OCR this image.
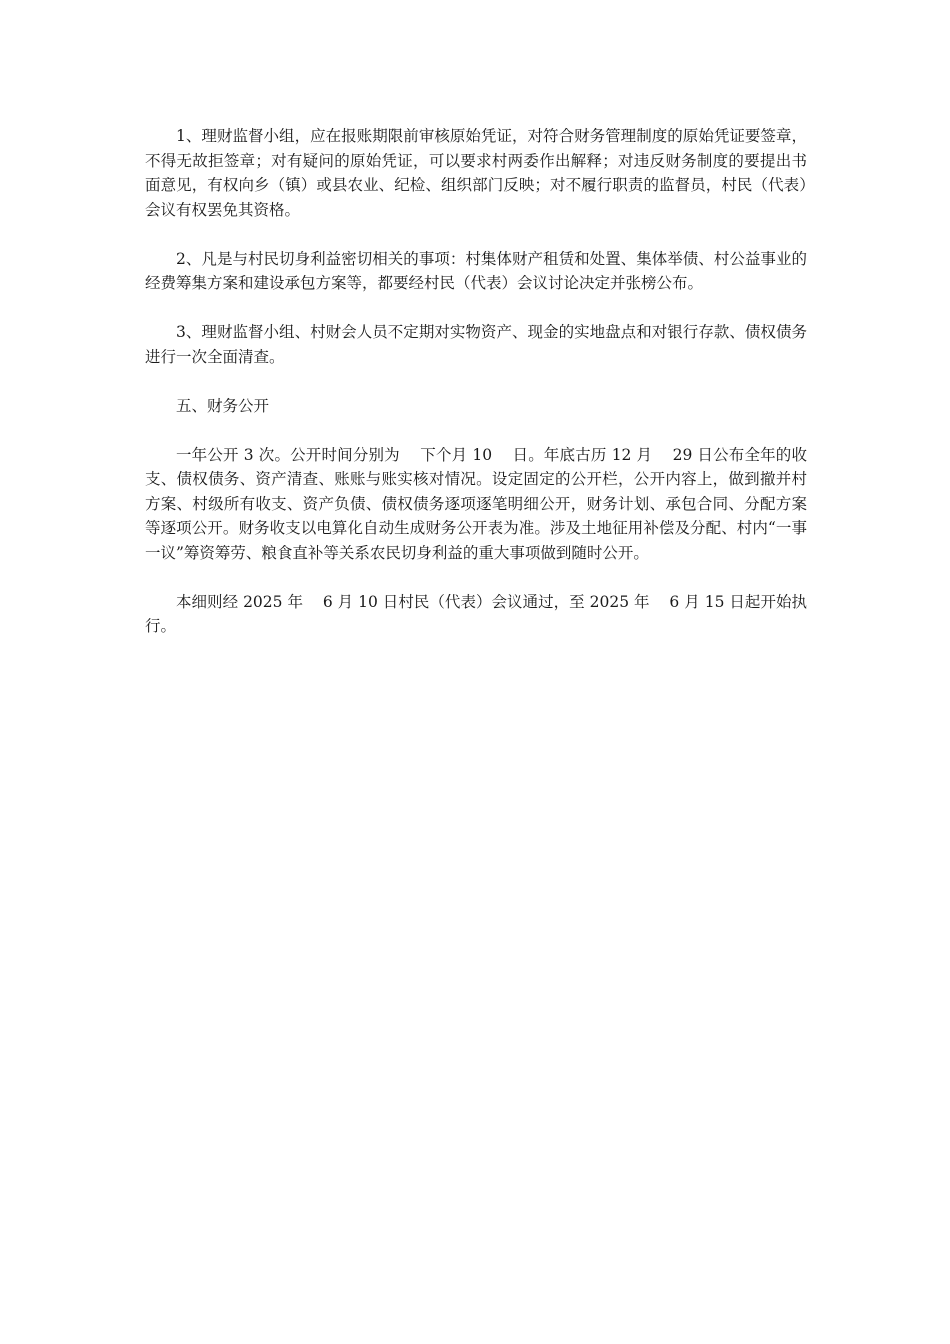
1、理财监督小组，应在报账期限前审核原始凭证，对符合财务管理制度的原始凭证要签章，不得无故拒签章；对有疑问的原始凭证，可以要求村两委作出解释；对违反财务制度的要提出书面意见，有权向乡（镇）或县农业、纪检、组织部门反映；对不履行职责的监督员，村民（代表）会议有权罢免其资格。

2、凡是与村民切身利益密切相关的事项：村集体财产租赁和处置、集体举债、村公益事业的经费筹集方案和建设承包方案等，都要经村民（代表）会议讨论决定并张榜公布。

3、理财监督小组、村财会人员不定期对实物资产、现金的实地盘点和对银行存款、债权债务进行一次全面清查。

五、财务公开

一年公开 3 次。公开时间分别为    下个月 10    日。年底古历 12 月    29 日公布全年的收支、债权债务、资产清查、账账与账实核对情况。设定固定的公开栏，公开内容上，做到撤并村方案、村级所有收支、资产负债、债权债务逐项逐笔明细公开，财务计划、承包合同、分配方案等逐项公开。财务收支以电算化自动生成财务公开表为准。涉及土地征用补偿及分配、村内“一事一议”筹资筹劳、粮食直补等关系农民切身利益的重大事项做到随时公开。

本细则经 2025 年    6 月 10 日村民（代表）会议通过，至 2025 年    6 月 15 日起开始执行。
